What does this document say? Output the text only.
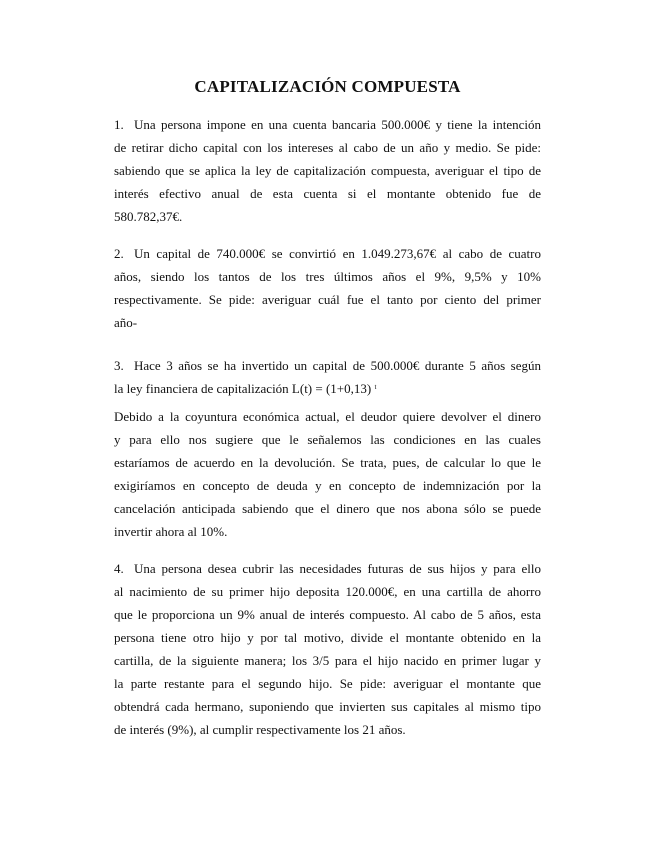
CAPITALIZACIÓN COMPUESTA
1. Una persona impone en una cuenta bancaria 500.000€ y tiene la intención
de retirar dicho capital con los intereses al cabo de un año y medio. Se pide:
sabiendo que se aplica la ley de capitalización compuesta, averiguar el tipo de
interés efectivo anual de esta cuenta si el montante obtenido fue de
580.782,37€.
2. Un capital de 740.000€ se convirtió en 1.049.273,67€ al cabo de cuatro
años, siendo los tantos de los tres últimos años el 9%, 9,5% y 10%
respectivamente. Se pide: averiguar cuál fue el tanto por ciento del primer
año-
3. Hace 3 años se ha invertido un capital de 500.000€ durante 5 años según
la ley financiera de capitalización L(t) = (1+0,13) $^t$
Debido a la coyuntura económica actual, el deudor quiere devolver el dinero
y para ello nos sugiere que le señalemos las condiciones en las cuales
estaríamos de acuerdo en la devolución. Se trata, pues, de calcular lo que le
exigiríamos en concepto de deuda y en concepto de indemnización por la
cancelación anticipada sabiendo que el dinero que nos abona sólo se puede
invertir ahora al 10%.
4. Una persona desea cubrir las necesidades futuras de sus hijos y para ello
al nacimiento de su primer hijo deposita 120.000€, en una cartilla de ahorro
que le proporciona un 9% anual de interés compuesto. Al cabo de 5 años, esta
persona tiene otro hijo y por tal motivo, divide el montante obtenido en la
cartilla, de la siguiente manera; los 3/5 para el hijo nacido en primer lugar y
la parte restante para el segundo hijo. Se pide: averiguar el montante que
obtendrá cada hermano, suponiendo que invierten sus capitales al mismo tipo
de interés (9%), al cumplir respectivamente los 21 años.
